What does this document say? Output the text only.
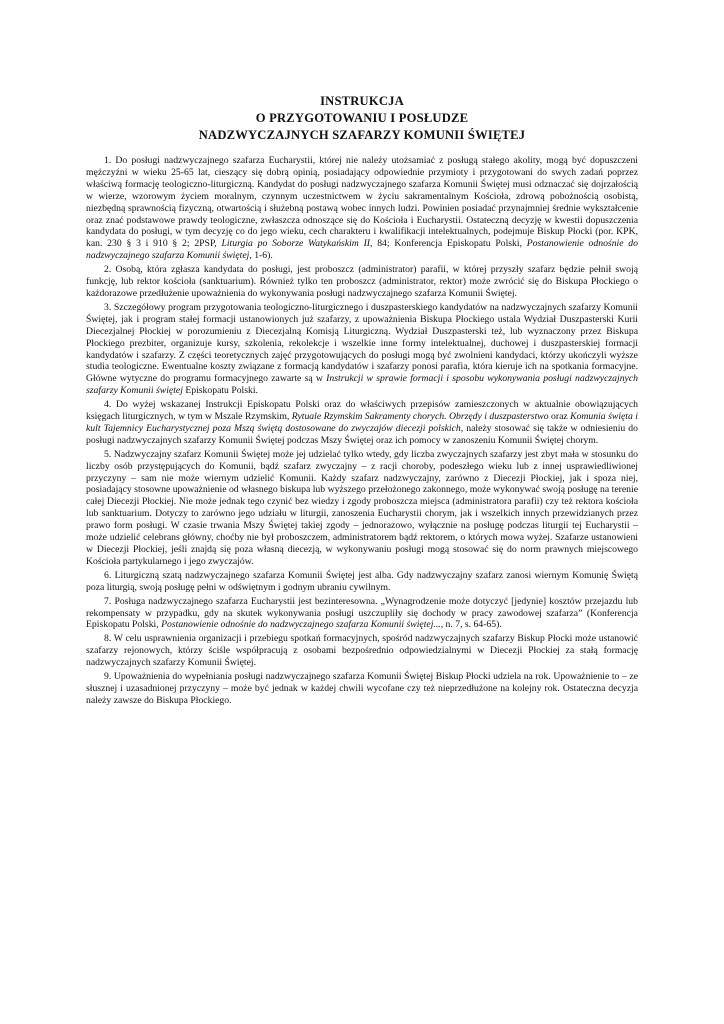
INSTRUKCJA
O PRZYGOTOWANIU I POSŁUDZE
NADZWYCZAJNYCH SZAFARZY KOMUNII ŚWIĘTEJ

1. Do posługi nadzwyczajnego szafarza Eucharystii, której nie należy utożsamiać z posługą stałego akolity, mogą być dopuszczeni mężczyźni w wieku 25-65 lat, cieszący się dobrą opinią, posiadający odpowiednie przymioty i przygotowani do swych zadań poprzez właściwą formację teologiczno-liturgiczną. Kandydat do posługi nadzwyczajnego szafarza Komunii Świętej musi odznaczać się dojrzałością w wierze, wzorowym życiem moralnym, czynnym uczestnictwem w życiu sakramentalnym Kościoła, zdrową pobożnością osobistą, niezbędną sprawnością fizyczną, otwartością i służebną postawą wobec innych ludzi. Powinien posiadać przynajmniej średnie wykształcenie oraz znać podstawowe prawdy teologiczne, zwłaszcza odnoszące się do Kościoła i Eucharystii. Ostateczną decyzję w kwestii dopuszczenia kandydata do posługi, w tym decyzję co do jego wieku, cech charakteru i kwalifikacji intelektualnych, podejmuje Biskup Płocki (por. KPK, kan. 230 § 3 i 910 § 2; 2PSP, Liturgia po Soborze Watykańskim II, 84; Konferencja Episkopatu Polski, Postanowienie odnośnie do nadzwyczajnego szafarza Komunii świętej, 1-6).

2. Osobą, która zgłasza kandydata do posługi, jest proboszcz (administrator) parafii, w której przyszły szafarz będzie pełnił swoją funkcję, lub rektor kościoła (sanktuarium). Również tylko ten proboszcz (administrator, rektor) może zwrócić się do Biskupa Płockiego o każdorazowe przedłużenie upoważnienia do wykonywania posługi nadzwyczajnego szafarza Komunii Świętej.

3. Szczegółowy program przygotowania teologiczno-liturgicznego i duszpasterskiego kandydatów na nadzwyczajnych szafarzy Komunii Świętej, jak i program stałej formacji ustanowionych już szafarzy, z upoważnienia Biskupa Płockiego ustala Wydział Duszpasterski Kurii Diecezjalnej Płockiej w porozumieniu z Diecezjalną Komisją Liturgiczną. Wydział Duszpasterski też, lub wyznaczony przez Biskupa Płockiego prezbiter, organizuje kursy, szkolenia, rekolekcje i wszelkie inne formy intelektualnej, duchowej i duszpasterskiej formacji kandydatów i szafarzy. Z części teoretycznych zajęć przygotowujących do posługi mogą być zwolnieni kandydaci, którzy ukończyli wyższe studia teologiczne. Ewentualne koszty związane z formacją kandydatów i szafarzy ponosi parafia, która kieruje ich na spotkania formacyjne. Główne wytyczne do programu formacyjnego zawarte są w Instrukcji w sprawie formacji i sposobu wykonywania posługi nadzwyczajnych szafarzy Komunii świętej Episkopatu Polski.

4. Do wyżej wskazanej Instrukcji Episkopatu Polski oraz do właściwych przepisów zamieszczonych w aktualnie obowiązujących księgach liturgicznych, w tym w Mszale Rzymskim, Rytuale Rzymskim Sakramenty chorych. Obrzędy i duszpasterstwo oraz Komunia święta i kult Tajemnicy Eucharystycznej poza Mszą świętą dostosowane do zwyczajów diecezji polskich, należy stosować się także w odniesieniu do posługi nadzwyczajnych szafarzy Komunii Świętej podczas Mszy Świętej oraz ich pomocy w zanoszeniu Komunii Świętej chorym.

5. Nadzwyczajny szafarz Komunii Świętej może jej udzielać tylko wtedy, gdy liczba zwyczajnych szafarzy jest zbyt mała w stosunku do liczby osób przystępujących do Komunii, bądź szafarz zwyczajny – z racji choroby, podeszłego wieku lub z innej usprawiedliwionej przyczyny – sam nie może wiernym udzielić Komunii. Każdy szafarz nadzwyczajny, zarówno z Diecezji Płockiej, jak i spoza niej, posiadający stosowne upoważnienie od własnego biskupa lub wyższego przełożonego zakonnego, może wykonywać swoją posługę na terenie całej Diecezji Płockiej. Nie może jednak tego czynić bez wiedzy i zgody proboszcza miejsca (administratora parafii) czy też rektora kościoła lub sanktuarium. Dotyczy to zarówno jego udziału w liturgii, zanoszenia Eucharystii chorym, jak i wszelkich innych przewidzianych przez prawo form posługi. W czasie trwania Mszy Świętej takiej zgody – jednorazowo, wyłącznie na posługę podczas liturgii tej Eucharystii – może udzielić celebrans główny, choćby nie był proboszczem, administratorem bądź rektorem, o których mowa wyżej. Szafarze ustanowieni w Diecezji Płockiej, jeśli znajdą się poza własną diecezją, w wykonywaniu posługi mogą stosować się do norm prawnych miejscowego Kościoła partykularnego i jego zwyczajów.

6. Liturgiczną szatą nadzwyczajnego szafarza Komunii Świętej jest alba. Gdy nadzwyczajny szafarz zanosi wiernym Komunię Świętą poza liturgią, swoją posługę pełni w odświętnym i godnym ubraniu cywilnym.

7. Posługa nadzwyczajnego szafarza Eucharystii jest bezinteresowna. „Wynagrodzenie może dotyczyć [jedynie] kosztów przejazdu lub rekompensaty w przypadku, gdy na skutek wykonywania posługi uszczupliły się dochody w pracy zawodowej szafarza” (Konferencja Episkopatu Polski, Postanowienie odnośnie do nadzwyczajnego szafarza Komunii świętej..., n. 7, s. 64-65).

8. W celu usprawnienia organizacji i przebiegu spotkań formacyjnych, spośród nadzwyczajnych szafarzy Biskup Płocki może ustanowić szafarzy rejonowych, którzy ściśle współpracują z osobami bezpośrednio odpowiedzialnymi w Diecezji Płockiej za stałą formację nadzwyczajnych szafarzy Komunii Świętej.

9. Upoważnienia do wypełniania posługi nadzwyczajnego szafarza Komunii Świętej Biskup Płocki udziela na rok. Upoważnienie to – ze słusznej i uzasadnionej przyczyny – może być jednak w każdej chwili wycofane czy też nieprzedłużone na kolejny rok. Ostateczna decyzja należy zawsze do Biskupa Płockiego.
